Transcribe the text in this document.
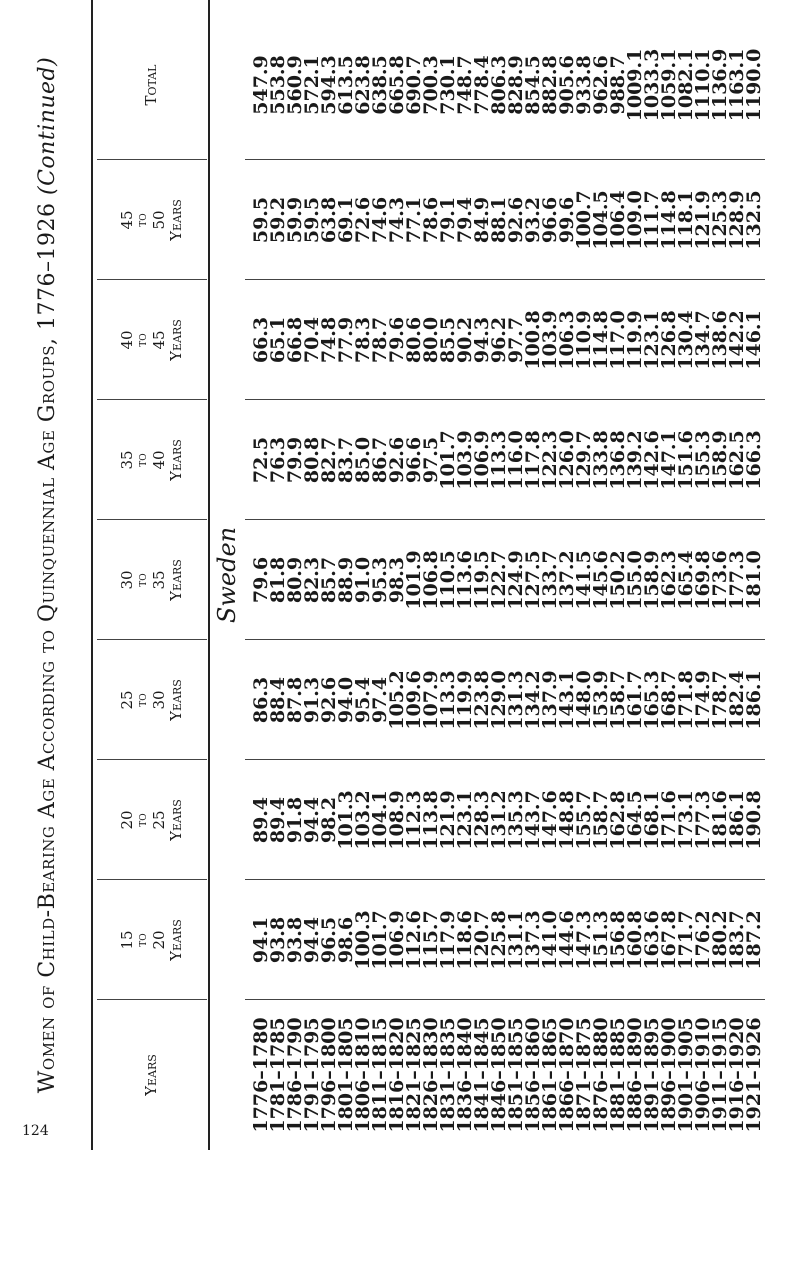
Women of Child-Bearing Age According to Quinquennial Age Groups, 1776–1926 (Continued)
Years
15 to 20 Years
20 to 25 Years
25 to 30 Years
30 to 35 Years
35 to 40 Years
40 to 45 Years
45 to 50 Years
Total
Sweden
1776–1780
94.1
89.4
86.3
79.6
72.5
66.3
59.5
547.9
1781–1785
93.8
89.4
88.4
81.8
76.3
65.1
59.2
553.8
1786–1790
93.8
91.8
87.8
80.9
79.9
66.8
59.9
560.9
1791–1795
94.4
94.4
91.3
82.3
80.8
70.4
59.5
572.1
1796–1800
96.5
98.2
92.6
85.7
82.7
74.8
63.8
594.3
1801–1805
98.6
101.3
94.0
88.9
83.7
77.9
69.1
613.5
1806–1810
100.3
103.2
95.4
91.0
85.0
78.3
72.6
623.8
1811–1815
101.7
104.1
97.4
95.3
86.7
78.7
74.6
638.5
1816–1820
106.9
108.9
105.2
98.3
92.6
79.6
74.3
665.8
1821–1825
112.6
112.3
109.6
101.9
96.6
80.6
77.1
690.7
1826–1830
115.7
113.8
107.9
106.8
97.5
80.0
78.6
700.3
1831–1835
117.9
121.9
113.3
110.5
101.7
85.5
79.1
730.1
1836–1840
118.6
123.1
119.9
113.6
103.9
90.2
79.4
748.7
1841–1845
120.7
128.3
123.8
119.5
106.9
94.3
84.9
778.4
1846–1850
125.8
131.2
129.0
122.7
113.3
96.2
88.1
806.3
1851–1855
131.1
135.3
131.3
124.9
116.0
97.7
92.6
828.9
1856–1860
137.3
143.7
134.2
127.5
117.8
100.8
93.2
854.5
1861–1865
141.0
147.6
137.9
133.7
122.3
103.9
96.6
882.8
1866–1870
144.6
148.8
143.1
137.2
126.0
106.3
99.6
905.6
1871–1875
147.3
155.7
148.0
141.5
129.7
110.9
100.7
933.8
1876–1880
151.3
158.7
153.9
145.6
133.8
114.8
104.5
962.6
1881–1885
156.8
162.8
158.7
150.2
136.8
117.0
106.4
988.7
1886–1890
160.8
164.5
161.7
155.0
139.2
119.9
109.0
1009.1
1891–1895
163.6
168.1
165.3
158.9
142.6
123.1
111.7
1033.3
1896–1900
167.8
171.6
168.7
162.3
147.1
126.8
114.8
1059.1
1901–1905
171.7
173.1
171.8
165.4
151.6
130.4
118.1
1082.1
1906–1910
176.2
177.3
174.9
169.8
155.3
134.7
121.9
1110.1
1911–1915
180.2
181.6
178.7
173.6
158.9
138.6
125.3
1136.9
1916–1920
183.7
186.1
182.4
177.3
162.5
142.2
128.9
1163.1
1921–1926
187.2
190.8
186.1
181.0
166.3
146.1
132.5
1190.0
124
